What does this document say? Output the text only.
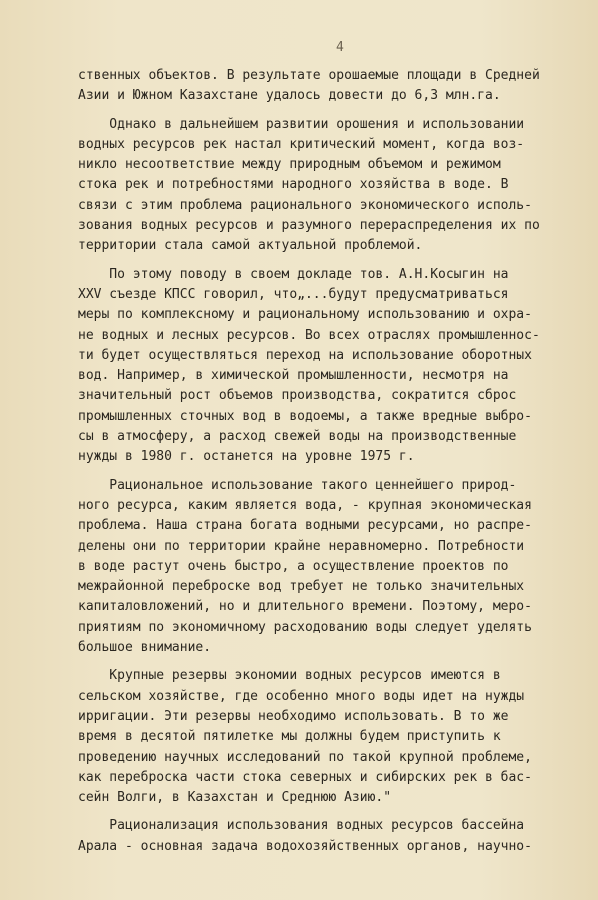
4
ственных объектов. В результате орошаемые площади в Средней
Азии и Южном Казахстане удалось довести до 6,3 млн.га.
Однако в дальнейшем развитии орошения и использовании
водных ресурсов рек настал критический момент, когда воз-
никло несоответствие между природным объемом и режимом
стока рек и потребностями народного хозяйства в воде. В
связи с этим проблема рационального экономического исполь-
зования водных ресурсов и разумного перераспределения их по
территории стала самой актуальной проблемой.
По этому поводу в своем докладе тов. А.Н.Косыгин на
XXV съезде КПСС говорил, что„...будут предусматриваться
меры по комплексному и рациональному использованию и охра-
не водных и лесных ресурсов. Во всех отраслях промышленнос-
ти будет осуществляться переход на использование оборотных
вод. Например, в химической промышленности, несмотря на
значительный рост объемов производства, сократится сброс
промышленных сточных вод в водоемы, а также вредные выбро-
сы в атмосферу, а расход свежей воды на производственные
нужды в 1980 г. останется на уровне 1975 г.
Рациональное использование такого ценнейшего природ-
ного ресурса, каким является вода, - крупная экономическая
проблема. Наша страна богата водными ресурсами, но распре-
делены они по территории крайне неравномерно. Потребности
в воде растут очень быстро, а осуществление проектов по
межрайонной переброске вод требует не только значительных
капиталовложений, но и длительного времени. Поэтому, меро-
приятиям по экономичному расходованию воды следует уделять
большое внимание.
Крупные резервы экономии водных ресурсов имеются в
сельском хозяйстве, где особенно много воды идет на нужды
ирригации. Эти резервы необходимо использовать. В то же
время в десятой пятилетке мы должны будем приступить к
проведению научных исследований по такой крупной проблеме,
как переброска части стока северных и сибирских рек в бас-
сейн Волги, в Казахстан и Среднюю Азию."
Рационализация использования водных ресурсов бассейна
Арала - основная задача водохозяйственных органов, научно-
